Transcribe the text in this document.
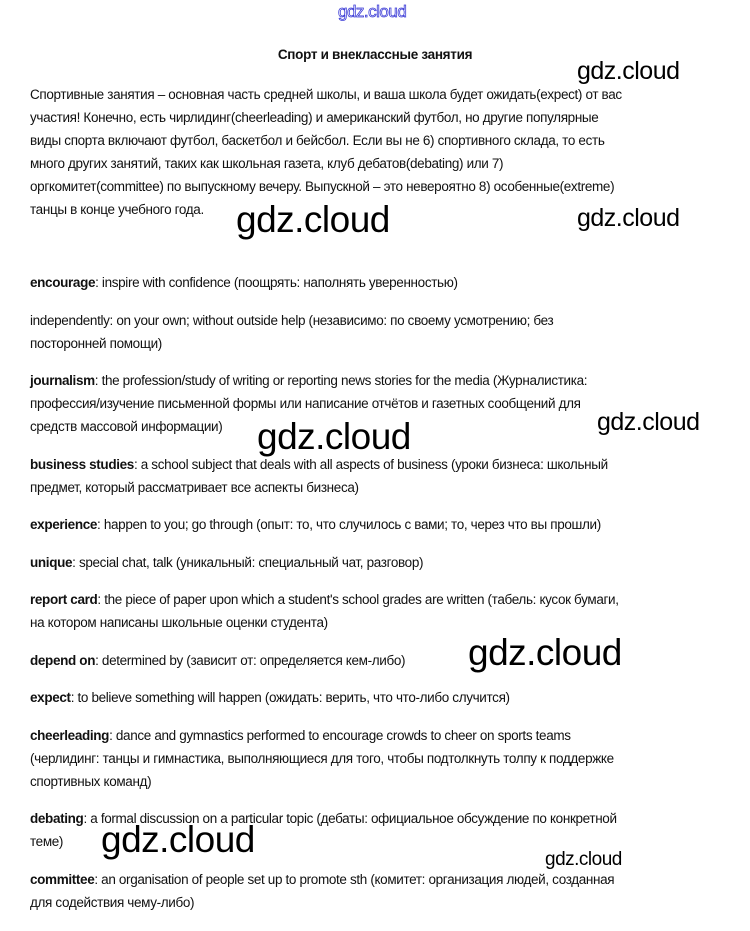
gdz.cloud
Спорт и внеклассные занятия
Спортивные занятия – основная часть средней школы, и ваша школа будет ожидать(expect) от вас
участия! Конечно, есть чирлидинг(cheerleading) и американский футбол, но другие популярные
виды спорта включают футбол, баскетбол и бейсбол. Если вы не 6) спортивного склада, то есть
много других занятий, таких как школьная газета, клуб дебатов(debating) или 7)
оргкомитет(committee) по выпускному вечеру. Выпускной – это невероятно 8) особенные(extreme)
танцы в конце учебного года.
encourage: inspire with confidence (поощрять: наполнять уверенностью)
independently: on your own; without outside help (независимо: по своему усмотрению; без
посторонней помощи)
journalism: the profession/study of writing or reporting news stories for the media (Журналистика:
профессия/изучение письменной формы или написание отчётов и газетных сообщений для
средств массовой информации)
business studies: a school subject that deals with all aspects of business (уроки бизнеса: школьный
предмет, который рассматривает все аспекты бизнеса)
experience: happen to you; go through (опыт: то, что случилось с вами; то, через что вы прошли)
unique: special chat, talk (уникальный: специальный чат, разговор)
report card: the piece of paper upon which a student's school grades are written (табель: кусок бумаги,
на котором написаны школьные оценки студента)
depend on: determined by (зависит от: определяется кем-либо)
expect: to believe something will happen (ожидать: верить, что что-либо случится)
cheerleading: dance and gymnastics performed to encourage crowds to cheer on sports teams
(черлидинг: танцы и гимнастика, выполняющиеся для того, чтобы подтолкнуть толпу к поддержке
спортивных команд)
debating: a formal discussion on a particular topic (дебаты: официальное обсуждение по конкретной
теме)
committee: an organisation of people set up to promote sth (комитет: организация людей, созданная
для содействия чему-либо)
gdz.cloud
gdz.cloud	gdz.cloud
gdz.cloud	gdz.cloud
gdz.cloud
gdz.cloud	gdz.cloud
